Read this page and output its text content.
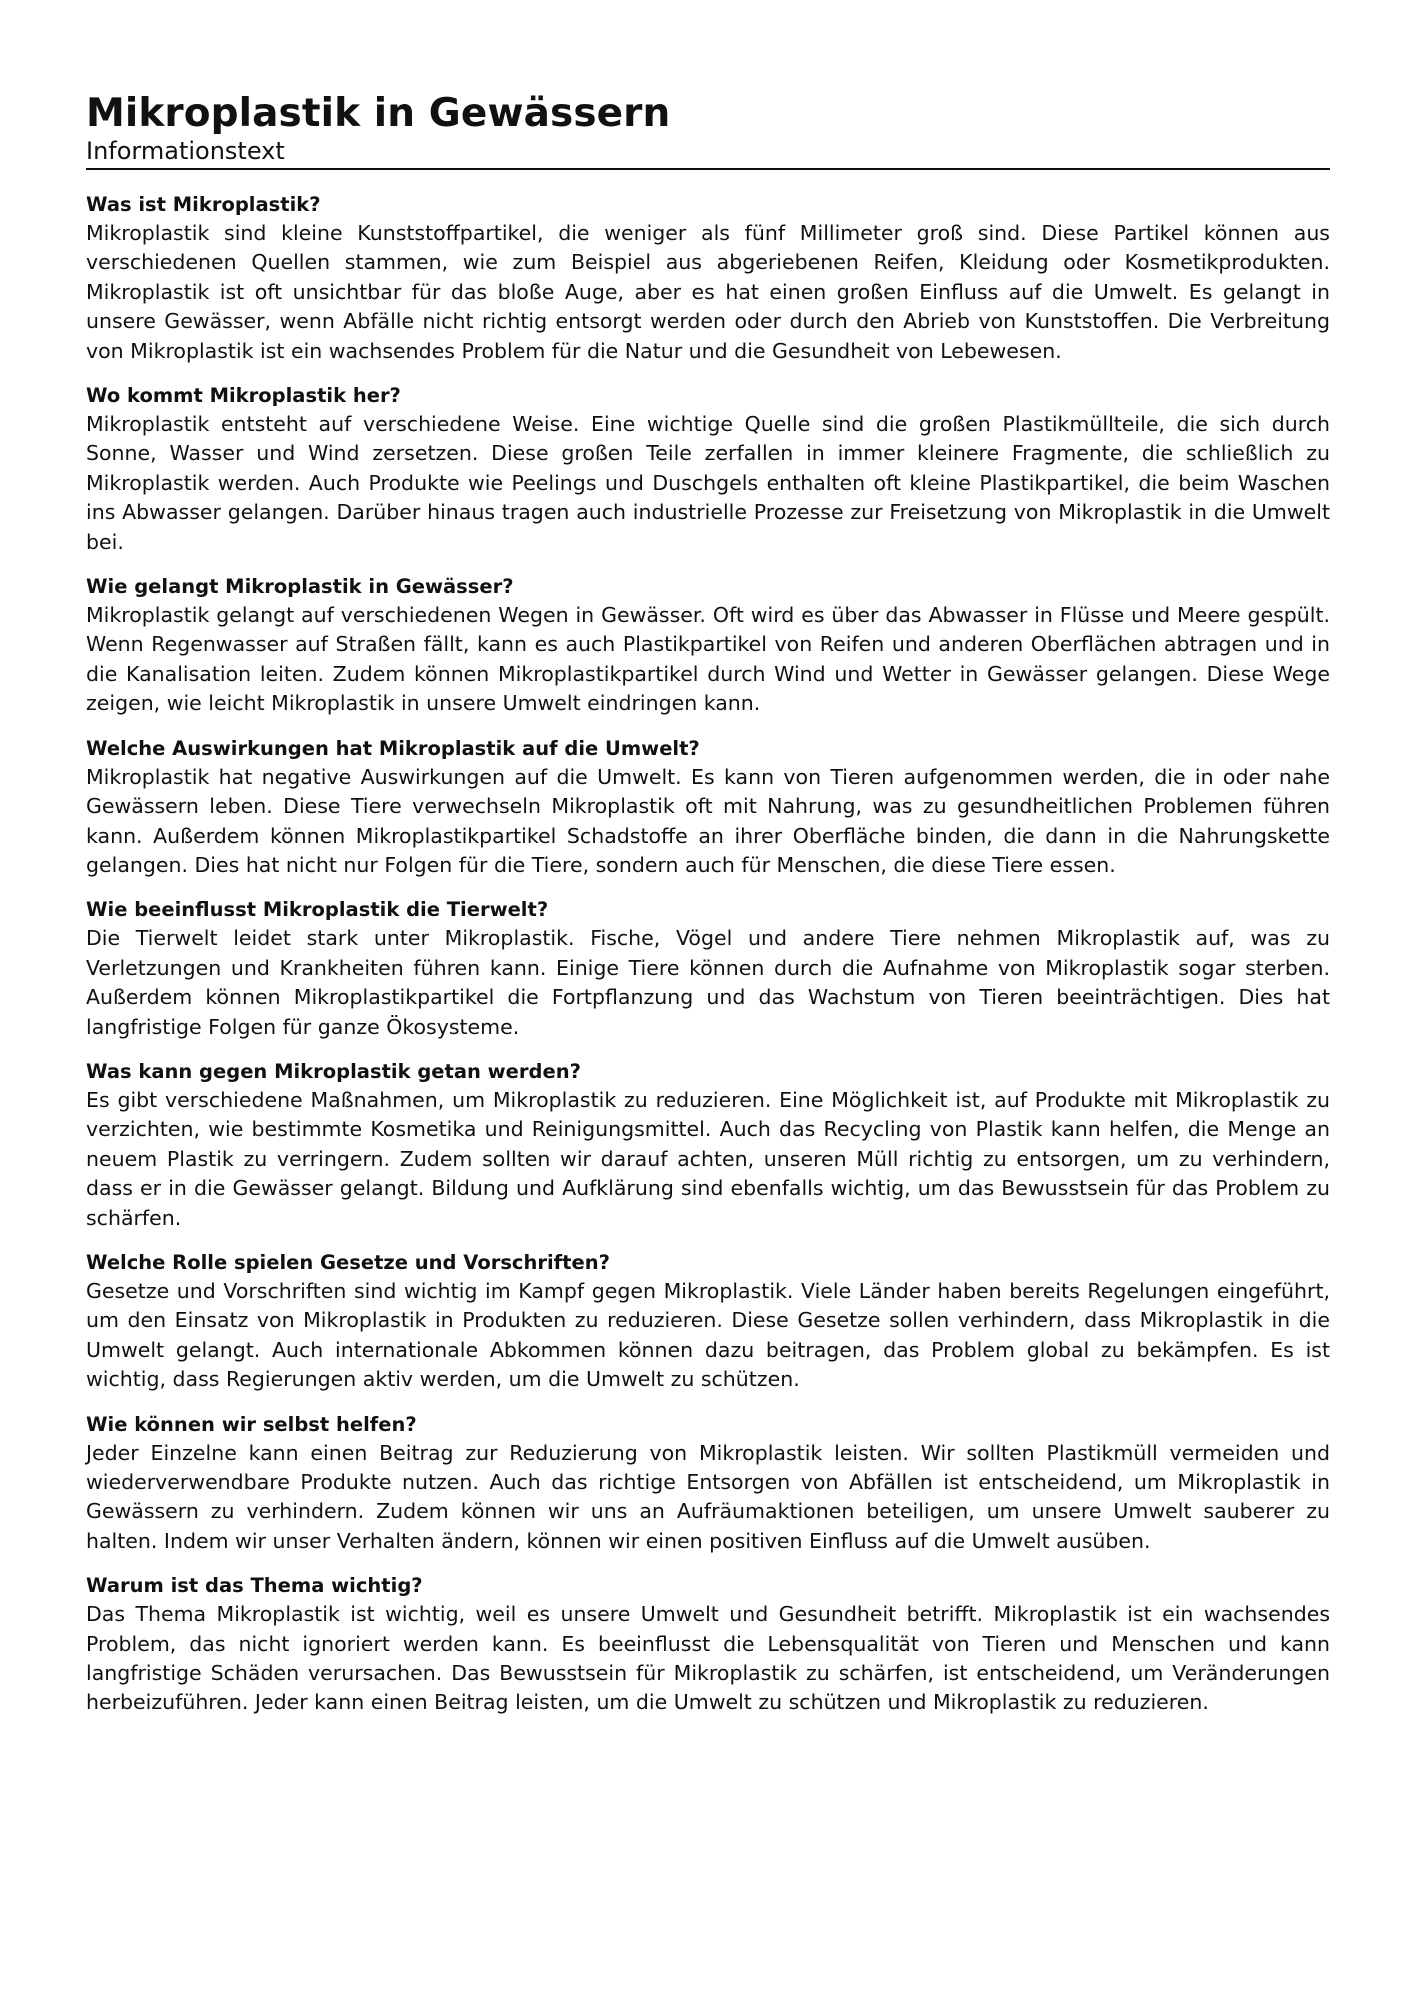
Mikroplastik in Gewässern
Informationstext
Was ist Mikroplastik?

Mikroplastik sind kleine Kunststoffpartikel, die weniger als fünf Millimeter groß sind. Diese Partikel können aus verschiedenen Quellen stammen, wie zum Beispiel aus abgeriebenen Reifen, Kleidung oder Kosmetikprodukten. Mikroplastik ist oft unsichtbar für das bloße Auge, aber es hat einen großen Einfluss auf die Umwelt. Es gelangt in unsere Gewässer, wenn Abfälle nicht richtig entsorgt werden oder durch den Abrieb von Kunststoffen. Die Verbreitung von Mikroplastik ist ein wachsendes Problem für die Natur und die Gesundheit von Lebewesen.

Wo kommt Mikroplastik her?

Mikroplastik entsteht auf verschiedene Weise. Eine wichtige Quelle sind die großen Plastikmüllteile, die sich durch Sonne, Wasser und Wind zersetzen. Diese großen Teile zerfallen in immer kleinere Fragmente, die schließlich zu Mikroplastik werden. Auch Produkte wie Peelings und Duschgels enthalten oft kleine Plastikpartikel, die beim Waschen ins Abwasser gelangen. Darüber hinaus tragen auch industrielle Prozesse zur Freisetzung von Mikroplastik in die Umwelt bei.

Wie gelangt Mikroplastik in Gewässer?

Mikroplastik gelangt auf verschiedenen Wegen in Gewässer. Oft wird es über das Abwasser in Flüsse und Meere gespült. Wenn Regenwasser auf Straßen fällt, kann es auch Plastikpartikel von Reifen und anderen Oberflächen abtragen und in die Kanalisation leiten. Zudem können Mikroplastikpartikel durch Wind und Wetter in Gewässer gelangen. Diese Wege zeigen, wie leicht Mikroplastik in unsere Umwelt eindringen kann.

Welche Auswirkungen hat Mikroplastik auf die Umwelt?

Mikroplastik hat negative Auswirkungen auf die Umwelt. Es kann von Tieren aufgenommen werden, die in oder nahe Gewässern leben. Diese Tiere verwechseln Mikroplastik oft mit Nahrung, was zu gesundheitlichen Problemen führen kann. Außerdem können Mikroplastikpartikel Schadstoffe an ihrer Oberfläche binden, die dann in die Nahrungskette gelangen. Dies hat nicht nur Folgen für die Tiere, sondern auch für Menschen, die diese Tiere essen.

Wie beeinflusst Mikroplastik die Tierwelt?

Die Tierwelt leidet stark unter Mikroplastik. Fische, Vögel und andere Tiere nehmen Mikroplastik auf, was zu Verletzungen und Krankheiten führen kann. Einige Tiere können durch die Aufnahme von Mikroplastik sogar sterben. Außerdem können Mikroplastikpartikel die Fortpflanzung und das Wachstum von Tieren beeinträchtigen. Dies hat langfristige Folgen für ganze Ökosysteme.

Was kann gegen Mikroplastik getan werden?

Es gibt verschiedene Maßnahmen, um Mikroplastik zu reduzieren. Eine Möglichkeit ist, auf Produkte mit Mikroplastik zu verzichten, wie bestimmte Kosmetika und Reinigungsmittel. Auch das Recycling von Plastik kann helfen, die Menge an neuem Plastik zu verringern. Zudem sollten wir darauf achten, unseren Müll richtig zu entsorgen, um zu verhindern, dass er in die Gewässer gelangt. Bildung und Aufklärung sind ebenfalls wichtig, um das Bewusstsein für das Problem zu schärfen.

Welche Rolle spielen Gesetze und Vorschriften?

Gesetze und Vorschriften sind wichtig im Kampf gegen Mikroplastik. Viele Länder haben bereits Regelungen eingeführt, um den Einsatz von Mikroplastik in Produkten zu reduzieren. Diese Gesetze sollen verhindern, dass Mikroplastik in die Umwelt gelangt. Auch internationale Abkommen können dazu beitragen, das Problem global zu bekämpfen. Es ist wichtig, dass Regierungen aktiv werden, um die Umwelt zu schützen.

Wie können wir selbst helfen?

Jeder Einzelne kann einen Beitrag zur Reduzierung von Mikroplastik leisten. Wir sollten Plastikmüll vermeiden und wiederverwendbare Produkte nutzen. Auch das richtige Entsorgen von Abfällen ist entscheidend, um Mikroplastik in Gewässern zu verhindern. Zudem können wir uns an Aufräumaktionen beteiligen, um unsere Umwelt sauberer zu halten. Indem wir unser Verhalten ändern, können wir einen positiven Einfluss auf die Umwelt ausüben.

Warum ist das Thema wichtig?

Das Thema Mikroplastik ist wichtig, weil es unsere Umwelt und Gesundheit betrifft. Mikroplastik ist ein wachsendes Problem, das nicht ignoriert werden kann. Es beeinflusst die Lebensqualität von Tieren und Menschen und kann langfristige Schäden verursachen. Das Bewusstsein für Mikroplastik zu schärfen, ist entscheidend, um Veränderungen herbeizuführen. Jeder kann einen Beitrag leisten, um die Umwelt zu schützen und Mikroplastik zu reduzieren.
